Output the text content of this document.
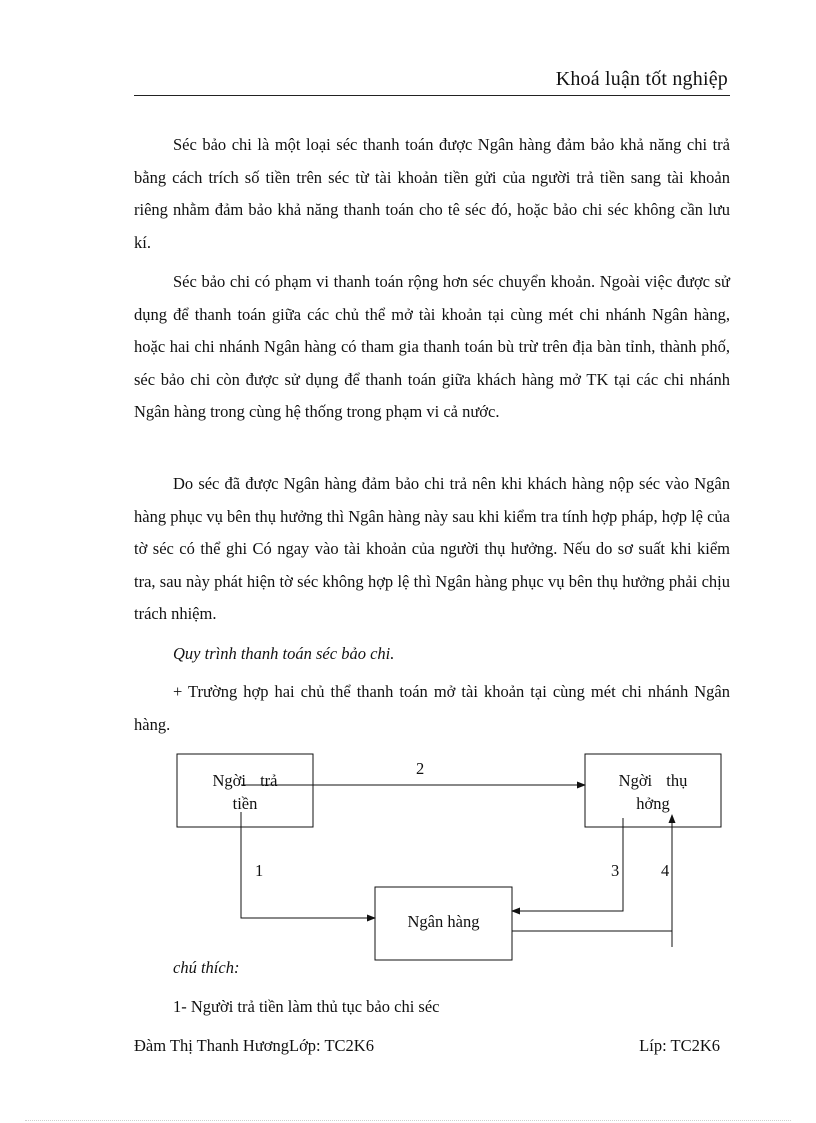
Khoá luận tốt nghiệp

Séc bảo chi là một loại séc thanh toán được Ngân hàng đảm bảo khả năng chi trả bằng cách trích số tiền trên séc từ tài khoản tiền gửi của người trả tiền sang tài khoản riêng nhằm đảm bảo khả năng thanh toán cho tê séc đó, hoặc bảo chi séc không cần lưu kí.

Séc bảo chi có phạm vi thanh toán rộng hơn séc chuyển khoản. Ngoài việc được sử dụng để thanh toán giữa các chủ thể mở tài khoản tại cùng mét chi nhánh Ngân hàng, hoặc hai chi nhánh Ngân hàng có tham gia thanh toán bù trừ trên địa bàn tỉnh, thành phố, séc bảo chi còn được sử dụng để thanh toán giữa khách hàng mở TK tại các chi nhánh Ngân hàng trong cùng hệ thống trong phạm vi cả nước.

Do séc đã được Ngân hàng đảm bảo chi trả nên khi khách hàng nộp séc vào Ngân hàng phục vụ bên thụ hưởng thì Ngân hàng này sau khi kiểm tra tính hợp pháp, hợp lệ của tờ séc có thể ghi Có ngay vào tài khoản của người thụ hưởng. Nếu do sơ suất khi kiểm tra, sau này phát hiện tờ séc không hợp lệ thì Ngân hàng phục vụ bên thụ hưởng phải chịu trách nhiệm.

Quy trình thanh toán séc bảo chi.

+ Trường hợp hai chủ thể thanh toán mở tài khoản tại cùng mét chi nhánh Ngân hàng.

Ngời trả
tiền
Ngời thụ
hởng
Ngân hàng
2
1	3	4
chú thích:
1- Người trả tiền làm thủ tục bảo chi séc
Đàm Thị Thanh HươngLớp: TC2K6	Líp: TC2K6
